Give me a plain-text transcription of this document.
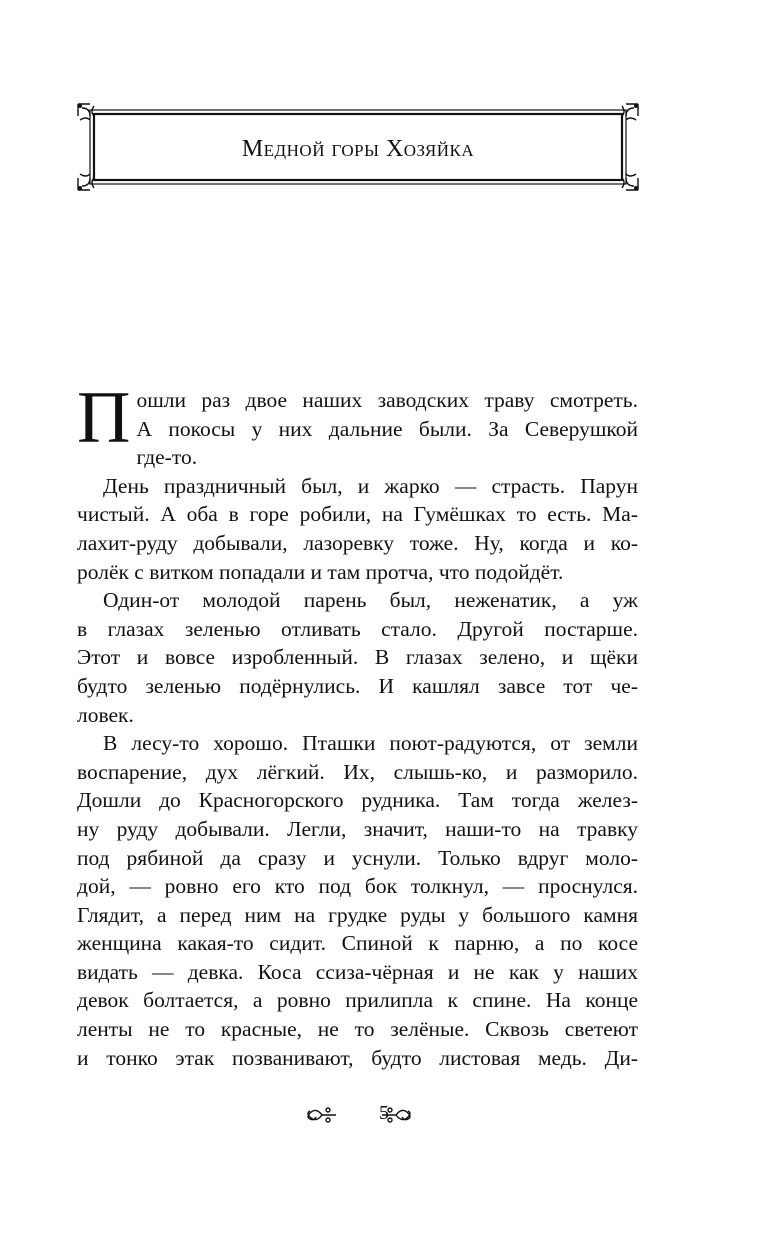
Медной горы Хозяйка
П ошли раз двое наших заводских траву смотреть.
А покосы у них дальние были. За Северушкой
где-то.
День праздничный был, и жарко — страсть. Парун
чистый. А оба в горе робили, на Гумёшках то есть. Ма-
лахит-руду добывали, лазоревку тоже. Ну, когда и ко-
ролёк с витком попадали и там протча, что подойдёт.
Один-от молодой парень был, неженатик, а уж
в глазах зеленью отливать стало. Другой постарше.
Этот и вовсе изробленный. В глазах зелено, и щёки
будто зеленью подёрнулись. И кашлял завсе тот че-
ловек.
В лесу-то хорошо. Пташки поют-радуются, от земли
воспарение, дух лёгкий. Их, слышь-ко, и разморило.
Дошли до Красногорского рудника. Там тогда желез-
ну руду добывали. Легли, значит, наши-то на травку
под рябиной да сразу и уснули. Только вдруг моло-
дой, — ровно его кто под бок толкнул, — проснулся.
Глядит, а перед ним на грудке руды у большого камня
женщина какая-то сидит. Спиной к парню, а по косе
видать — девка. Коса ссиза-чёрная и не как у наших
девок болтается, а ровно прилипла к спине. На конце
ленты не то красные, не то зелёные. Сквозь светеют
и тонко этак позванивают, будто листовая медь. Ди-
5
